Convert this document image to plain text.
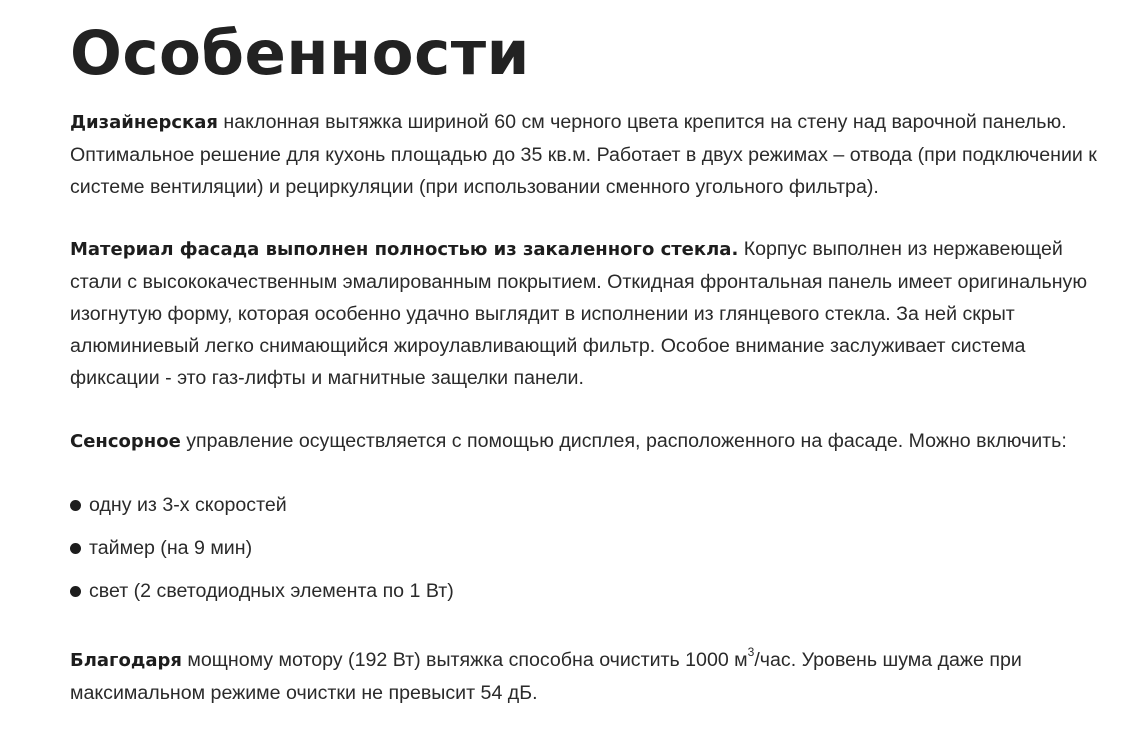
Особенности

Дизайнерская наклонная вытяжка шириной 60 см черного цвета крепится на стену над варочной панелью. Оптимальное решение для кухонь площадью до 35 кв.м. Работает в двух режимах – отвода (при подключении к системе вентиляции) и рециркуляции (при использовании сменного угольного фильтра).

Материал фасада выполнен полностью из закаленного стекла. Корпус выполнен из нержавеющей стали с высококачественным эмалированным покрытием. Откидная фронтальная панель имеет оригинальную изогнутую форму, которая особенно удачно выглядит в исполнении из глянцевого стекла. За ней скрыт алюминиевый легко снимающийся жироулавливающий фильтр. Особое внимание заслуживает система фиксации - это газ-лифты и магнитные защелки панели.

Сенсорное управление осуществляется с помощью дисплея, расположенного на фасаде. Можно включить:

одну из 3-х скоростей
таймер (на 9 мин)
свет (2 светодиодных элемента по 1 Вт)

Благодаря мощному мотору (192 Вт) вытяжка способна очистить 1000 $м^3$/час. Уровень шума даже при максимальном режиме очистки не превысит 54 дБ.
